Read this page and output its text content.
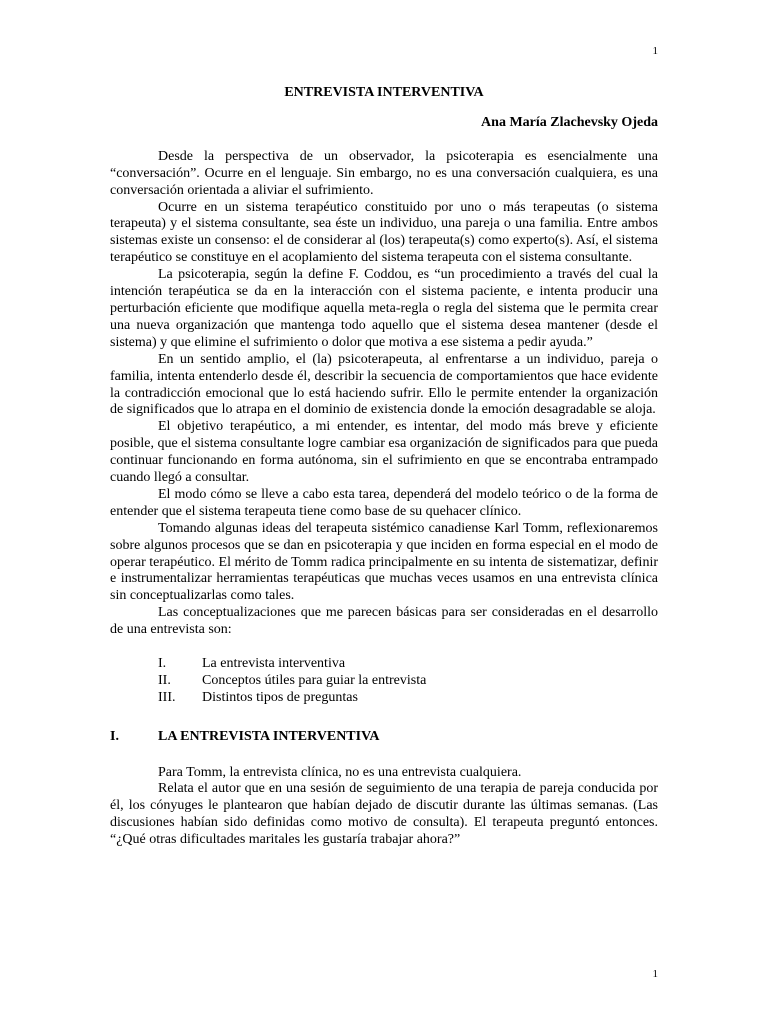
1
ENTREVISTA INTERVENTIVA
Ana María Zlachevsky Ojeda

Desde la perspectiva de un observador, la psicoterapia es esencialmente una “conversación”. Ocurre en el lenguaje. Sin embargo, no es una conversación cualquiera, es una conversación orientada a aliviar el sufrimiento.

Ocurre en un sistema terapéutico constituido por uno o más terapeutas (o sistema terapeuta) y el sistema consultante, sea éste un individuo, una pareja o una familia. Entre ambos sistemas existe un consenso: el de considerar al (los) terapeuta(s) como experto(s). Así, el sistema terapéutico se constituye en el acoplamiento del sistema terapeuta con el sistema consultante.

La psicoterapia, según la define F. Coddou, es “un procedimiento a través del cual la intención terapéutica se da en la interacción con el sistema paciente, e intenta producir una perturbación eficiente que modifique aquella meta-regla o regla del sistema que le permita crear una nueva organización que mantenga todo aquello que el sistema desea mantener (desde el sistema) y que elimine el sufrimiento o dolor que motiva a ese sistema a pedir ayuda.”

En un sentido amplio, el (la) psicoterapeuta, al enfrentarse a un individuo, pareja o familia, intenta entenderlo desde él, describir la secuencia de comportamientos que hace evidente la contradicción emocional que lo está haciendo sufrir. Ello le permite entender la organización de significados que lo atrapa en el dominio de existencia donde la emoción desagradable se aloja.

El objetivo terapéutico, a mi entender, es intentar, del modo más breve y eficiente posible, que el sistema consultante logre cambiar esa organización de significados para que pueda continuar funcionando en forma autónoma, sin el sufrimiento en que se encontraba entrampado cuando llegó a consultar.

El modo cómo se lleve a cabo esta tarea, dependerá del modelo teórico o de la forma de entender que el sistema terapeuta tiene como base de su quehacer clínico.

Tomando algunas ideas del terapeuta sistémico canadiense Karl Tomm, reflexionaremos sobre algunos procesos que se dan en psicoterapia y que inciden en forma especial en el modo de operar terapéutico. El mérito de Tomm radica principalmente en su intenta de sistematizar, definir e instrumentalizar herramientas terapéuticas que muchas veces usamos en una entrevista clínica sin conceptualizarlas como tales.

Las conceptualizaciones que me parecen básicas para ser consideradas en el desarrollo de una entrevista son:

I.	La entrevista interventiva
II.	Conceptos útiles para guiar la entrevista
III.	Distintos tipos de preguntas
I.	LA ENTREVISTA INTERVENTIVA

Para Tomm, la entrevista clínica, no es una entrevista cualquiera.

Relata el autor que en una sesión de seguimiento de una terapia de pareja conducida por él, los cónyuges le plantearon que habían dejado de discutir durante las últimas semanas. (Las discusiones habían sido definidas como motivo de consulta). El terapeuta preguntó entonces. “¿Qué otras dificultades maritales les gustaría trabajar ahora?”

1
